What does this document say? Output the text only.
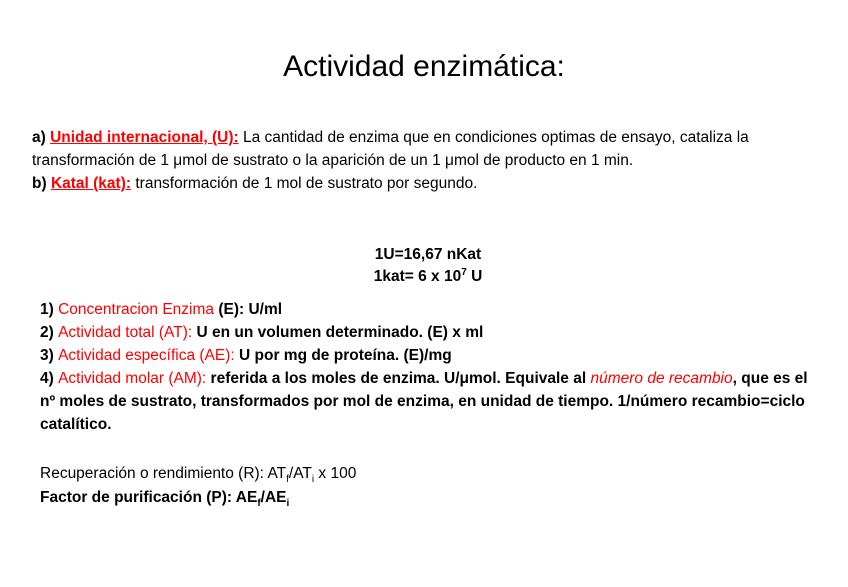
Actividad enzimática:

a) Unidad internacional, (U): La cantidad de enzima que en condiciones optimas de ensayo, cataliza la transformación de 1 μmol de sustrato o la aparición de un 1 μmol de producto en 1 min.

b) Katal (kat): transformación de 1 mol de sustrato por segundo.

1U=16,67 nKat
1kat= 6 x $10^7$ U

1) Concentracion Enzima (E): U/ml

2) Actividad total (AT): U en un volumen determinado. (E) x ml

3) Actividad específica (AE): U por mg de proteína. (E)/mg

4) Actividad molar (AM): referida a los moles de enzima. U/μmol. Equivale al número de recambio, que es el nº moles de sustrato, transformados por mol de enzima, en unidad de tiempo. 1/número recambio=ciclo catalítico.

Recuperación o rendimiento (R): $AT_f/AT_i$ x 100

Factor de purificación (P): $AE_f/AE_i$
